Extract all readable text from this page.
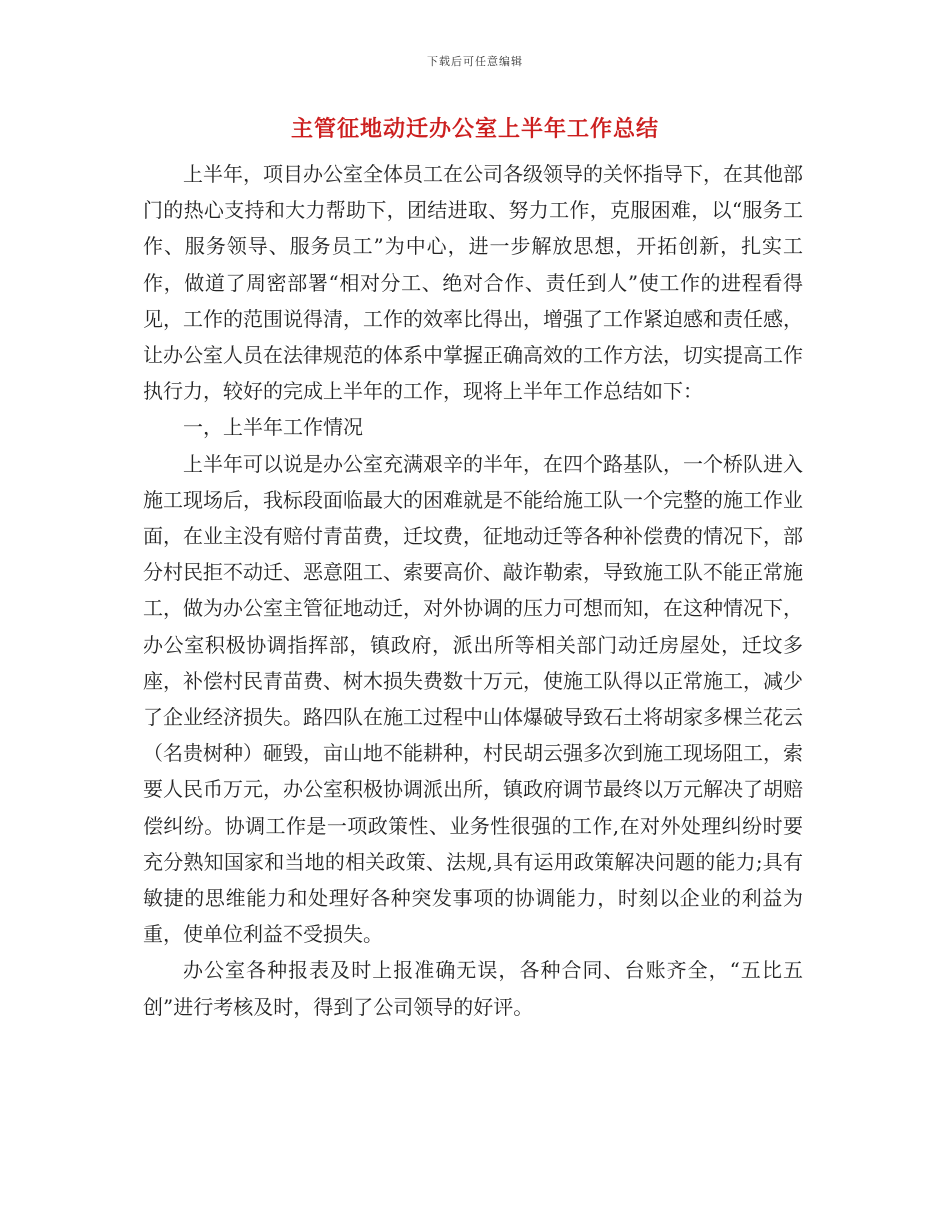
下载后可任意编辑
主管征地动迁办公室上半年工作总结

上半年，项目办公室全体员工在公司各级领导的关怀指导下，在其他部门的热心支持和大力帮助下，团结进取、努力工作，克服困难，以“服务工作、服务领导、服务员工”为中心，进一步解放思想，开拓创新，扎实工作，做道了周密部署“相对分工、绝对合作、责任到人”使工作的进程看得见，工作的范围说得清，工作的效率比得出，增强了工作紧迫感和责任感，让办公室人员在法律规范的体系中掌握正确高效的工作方法，切实提高工作执行力，较好的完成上半年的工作，现将上半年工作总结如下：

一，上半年工作情况

上半年可以说是办公室充满艰辛的半年，在四个路基队，一个桥队进入施工现场后，我标段面临最大的困难就是不能给施工队一个完整的施工作业面，在业主没有赔付青苗费，迁坟费，征地动迁等各种补偿费的情况下，部分村民拒不动迁、恶意阻工、索要高价、敲诈勒索，导致施工队不能正常施工，做为办公室主管征地动迁，对外协调的压力可想而知，在这种情况下，办公室积极协调指挥部，镇政府，派出所等相关部门动迁房屋处，迁坟多座，补偿村民青苗费、树木损失费数十万元，使施工队得以正常施工，减少了企业经济损失。路四队在施工过程中山体爆破导致石土将胡家多棵兰花云（名贵树种）砸毁，亩山地不能耕种，村民胡云强多次到施工现场阻工，索要人民币万元，办公室积极协调派出所，镇政府调节最终以万元解决了胡赔偿纠纷。协调工作是一项政策性、业务性很强的工作,在对外处理纠纷时要充分熟知国家和当地的相关政策、法规,具有运用政策解决问题的能力;具有敏捷的思维能力和处理好各种突发事项的协调能力，时刻以企业的利益为重，使单位利益不受损失。

办公室各种报表及时上报准确无误，各种合同、台账齐全，“五比五创”进行考核及时，得到了公司领导的好评。
